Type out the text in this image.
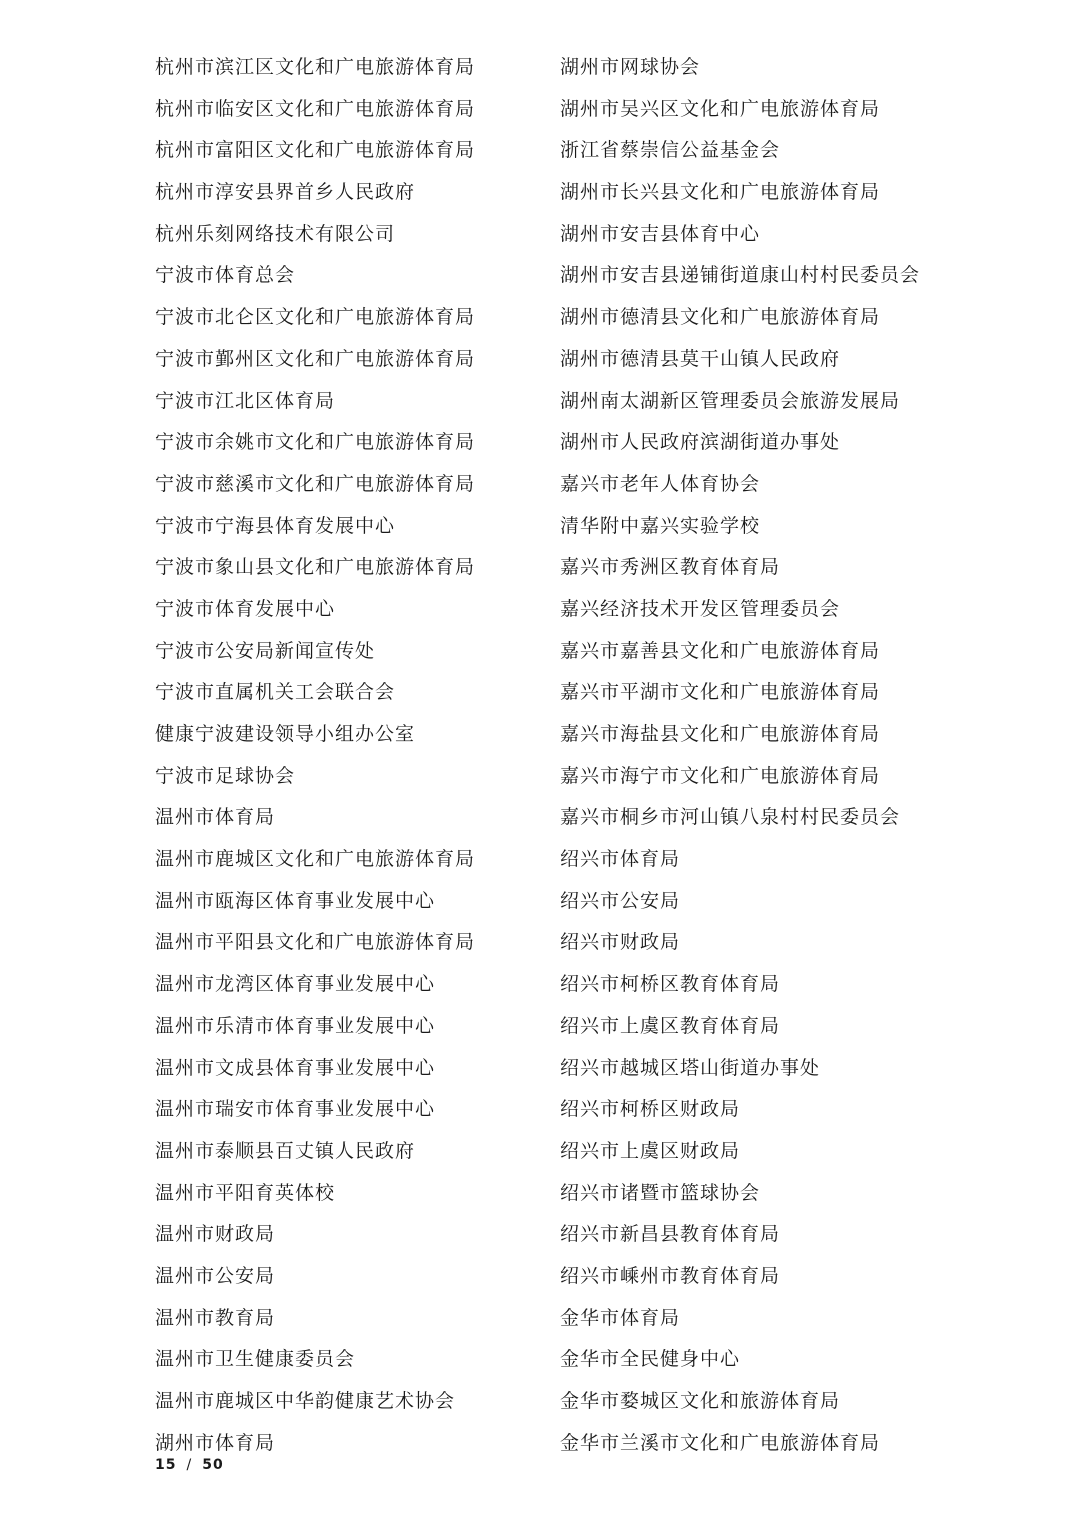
杭州市滨江区文化和广电旅游体育局
杭州市临安区文化和广电旅游体育局
杭州市富阳区文化和广电旅游体育局
杭州市淳安县界首乡人民政府
杭州乐刻网络技术有限公司
宁波市体育总会
宁波市北仑区文化和广电旅游体育局
宁波市鄞州区文化和广电旅游体育局
宁波市江北区体育局
宁波市余姚市文化和广电旅游体育局
宁波市慈溪市文化和广电旅游体育局
宁波市宁海县体育发展中心
宁波市象山县文化和广电旅游体育局
宁波市体育发展中心
宁波市公安局新闻宣传处
宁波市直属机关工会联合会
健康宁波建设领导小组办公室
宁波市足球协会
温州市体育局
温州市鹿城区文化和广电旅游体育局
温州市瓯海区体育事业发展中心
温州市平阳县文化和广电旅游体育局
温州市龙湾区体育事业发展中心
温州市乐清市体育事业发展中心
温州市文成县体育事业发展中心
温州市瑞安市体育事业发展中心
温州市泰顺县百丈镇人民政府
温州市平阳育英体校
温州市财政局
温州市公安局
温州市教育局
温州市卫生健康委员会
温州市鹿城区中华韵健康艺术协会
湖州市体育局
湖州市网球协会
湖州市吴兴区文化和广电旅游体育局
浙江省蔡崇信公益基金会
湖州市长兴县文化和广电旅游体育局
湖州市安吉县体育中心
湖州市安吉县递铺街道康山村村民委员会
湖州市德清县文化和广电旅游体育局
湖州市德清县莫干山镇人民政府
湖州南太湖新区管理委员会旅游发展局
湖州市人民政府滨湖街道办事处
嘉兴市老年人体育协会
清华附中嘉兴实验学校
嘉兴市秀洲区教育体育局
嘉兴经济技术开发区管理委员会
嘉兴市嘉善县文化和广电旅游体育局
嘉兴市平湖市文化和广电旅游体育局
嘉兴市海盐县文化和广电旅游体育局
嘉兴市海宁市文化和广电旅游体育局
嘉兴市桐乡市河山镇八泉村村民委员会
绍兴市体育局
绍兴市公安局
绍兴市财政局
绍兴市柯桥区教育体育局
绍兴市上虞区教育体育局
绍兴市越城区塔山街道办事处
绍兴市柯桥区财政局
绍兴市上虞区财政局
绍兴市诸暨市篮球协会
绍兴市新昌县教育体育局
绍兴市嵊州市教育体育局
金华市体育局
金华市全民健身中心
金华市婺城区文化和旅游体育局
金华市兰溪市文化和广电旅游体育局
15 / 50
